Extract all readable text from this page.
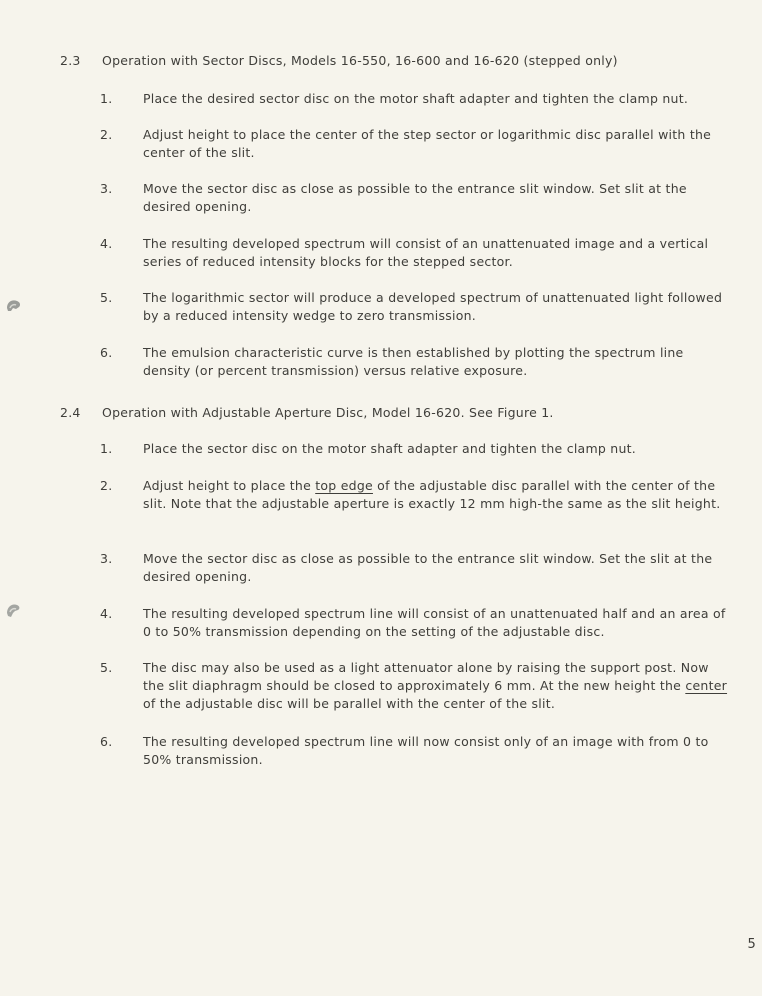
2.3	Operation with Sector Discs, Models 16-550, 16-600 and 16-620 (stepped only)
1.	Place the desired sector disc on the motor shaft adapter and tighten the clamp nut.
2.	Adjust height to place the center of the step sector or logarithmic disc parallel with the center of the slit.
3.	Move the sector disc as close as possible to the entrance slit window. Set slit at the desired opening.
4.	The resulting developed spectrum will consist of an unattenuated image and a vertical series of reduced intensity blocks for the stepped sector.
5.	The logarithmic sector will produce a developed spectrum of unattenuated light followed by a reduced intensity wedge to zero transmission.
6.	The emulsion characteristic curve is then established by plotting the spectrum line density (or percent transmission) versus relative exposure.
2.4	Operation with Adjustable Aperture Disc, Model 16-620. See Figure 1.
1.	Place the sector disc on the motor shaft adapter and tighten the clamp nut.
2.	Adjust height to place the top edge of the adjustable disc parallel with the center of the slit. Note that the adjustable aperture is exactly 12 mm high-the same as the slit height.
3.	Move the sector disc as close as possible to the entrance slit window. Set the slit at the desired opening.
4.	The resulting developed spectrum line will consist of an unattenuated half and an area of 0 to 50% transmission depending on the setting of the adjustable disc.
5.	The disc may also be used as a light attenuator alone by raising the support post. Now the slit diaphragm should be closed to approximately 6 mm. At the new height the center of the adjustable disc will be parallel with the center of the slit.
6.	The resulting developed spectrum line will now consist only of an image with from 0 to 50% transmission.
5
